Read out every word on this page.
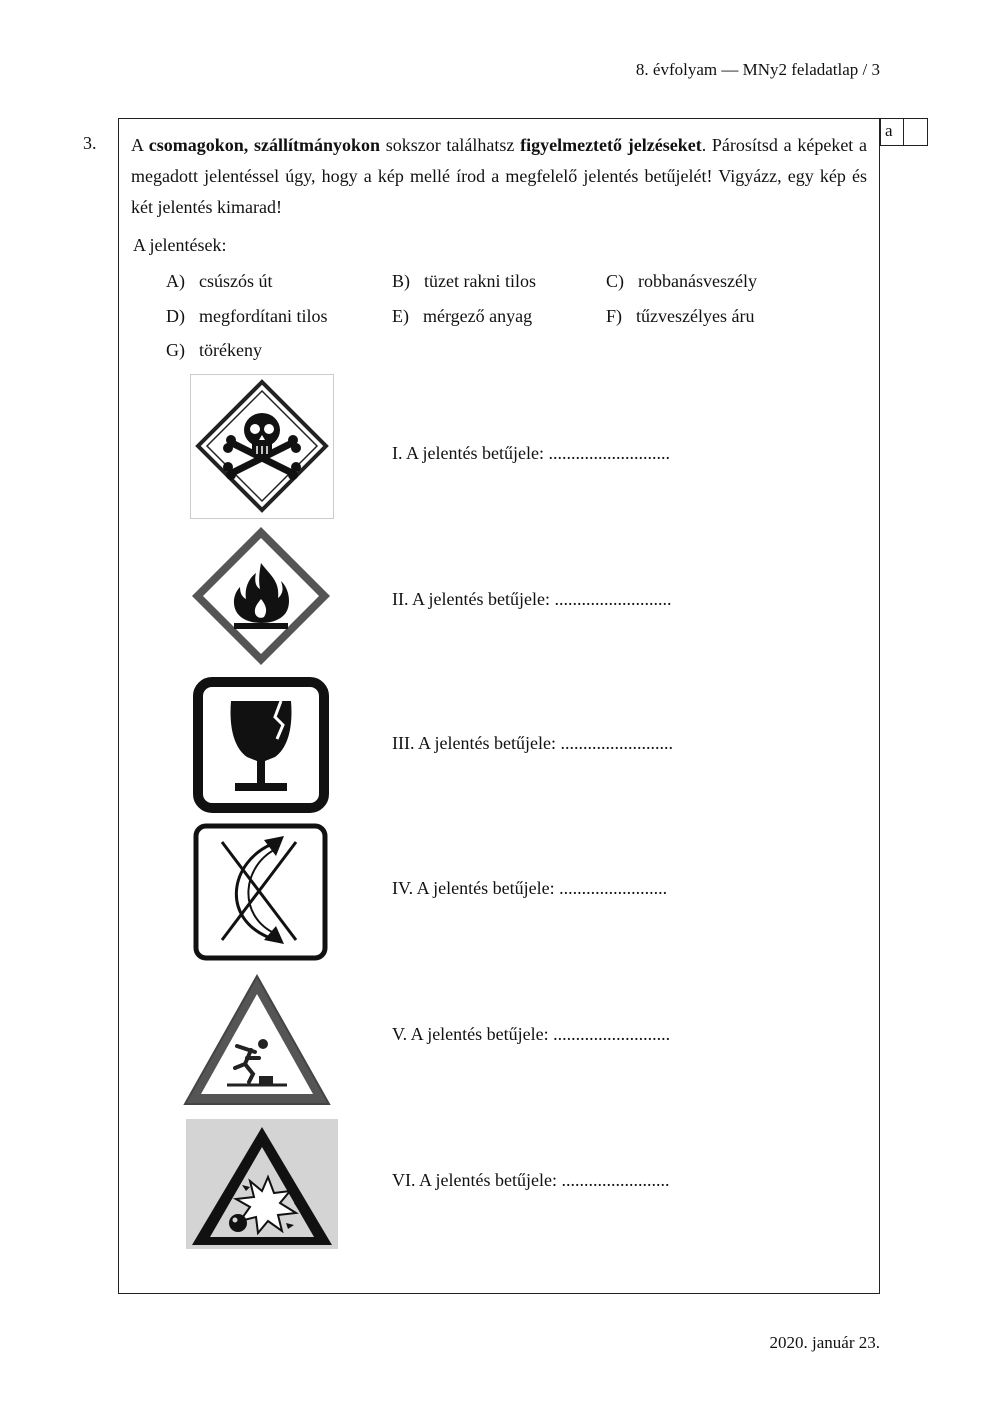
8. évfolyam — MNy2 feladatlap / 3
3.
a
A csomagokon, szállítmányokon sokszor találhatsz figyelmeztető jelzéseket. Párosítsd a képeket a megadott jelentéssel úgy, hogy a kép mellé írod a megfelelő jelentés betűjelét! Vigyázz, egy kép és két jelentés kimarad!
A jelentések:
A) csúszós út	B) tüzet rakni tilos	C) robbanásveszély
D) megfordítani tilos	E) mérgező anyag	F) tűzveszélyes áru
G) törékeny
I. A jelentés betűjele: ...........................
II. A jelentés betűjele: ..........................
III. A jelentés betűjele: .........................
IV. A jelentés betűjele: ........................
V. A jelentés betűjele: ..........................
VI. A jelentés betűjele: ........................
2020. január 23.
